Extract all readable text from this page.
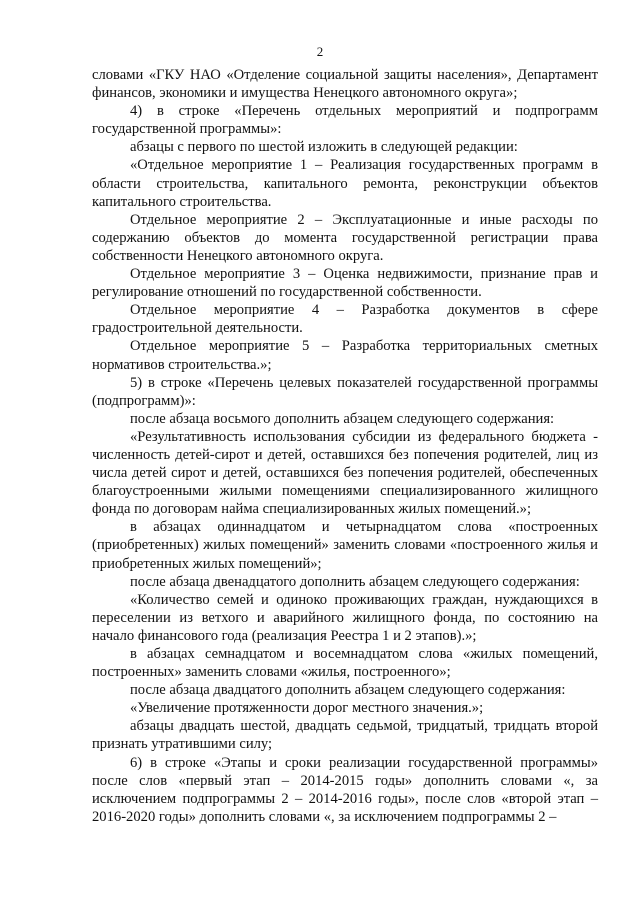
2

словами «ГКУ НАО «Отделение социальной защиты населения», Департамент финансов, экономики и имущества Ненецкого автономного округа»;

4) в строке «Перечень отдельных мероприятий и подпрограмм государственной программы»:

абзацы с первого по шестой изложить в следующей редакции:

«Отдельное мероприятие 1 – Реализация государственных программ в области строительства, капитального ремонта, реконструкции объектов капитального строительства.

Отдельное мероприятие 2 – Эксплуатационные и иные расходы по содержанию объектов до момента государственной регистрации права собственности Ненецкого автономного округа.

Отдельное мероприятие 3 – Оценка недвижимости, признание прав и регулирование отношений по государственной собственности.

Отдельное мероприятие 4 – Разработка документов в сфере градостроительной деятельности.

Отдельное мероприятие 5 – Разработка территориальных сметных нормативов строительства.»;

5) в строке «Перечень целевых показателей государственной программы (подпрограмм)»:

после абзаца восьмого дополнить абзацем следующего содержания:

«Результативность использования субсидии из федерального бюджета - численность детей-сирот и детей, оставшихся без попечения родителей, лиц из числа детей сирот и детей, оставшихся без попечения родителей, обеспеченных благоустроенными жилыми помещениями специализированного жилищного фонда по договорам найма специализированных жилых помещений.»;

в абзацах одиннадцатом и четырнадцатом слова «построенных (приобретенных) жилых помещений» заменить словами «построенного жилья и приобретенных жилых помещений»;

после абзаца двенадцатого дополнить абзацем следующего содержания:

«Количество семей и одиноко проживающих граждан, нуждающихся в переселении из ветхого и аварийного жилищного фонда, по состоянию на начало финансового года (реализация Реестра 1 и 2 этапов).»;

в абзацах семнадцатом и восемнадцатом слова «жилых помещений, построенных» заменить словами «жилья, построенного»;

после абзаца двадцатого дополнить абзацем следующего содержания:

«Увеличение протяженности дорог местного значения.»;

абзацы двадцать шестой, двадцать седьмой, тридцатый, тридцать второй признать утратившими силу;

6) в строке «Этапы и сроки реализации государственной программы» после слов «первый этап – 2014-2015 годы» дополнить словами «, за исключением подпрограммы 2 – 2014-2016 годы», после слов «второй этап – 2016-2020 годы» дополнить словами «, за исключением подпрограммы 2 –
